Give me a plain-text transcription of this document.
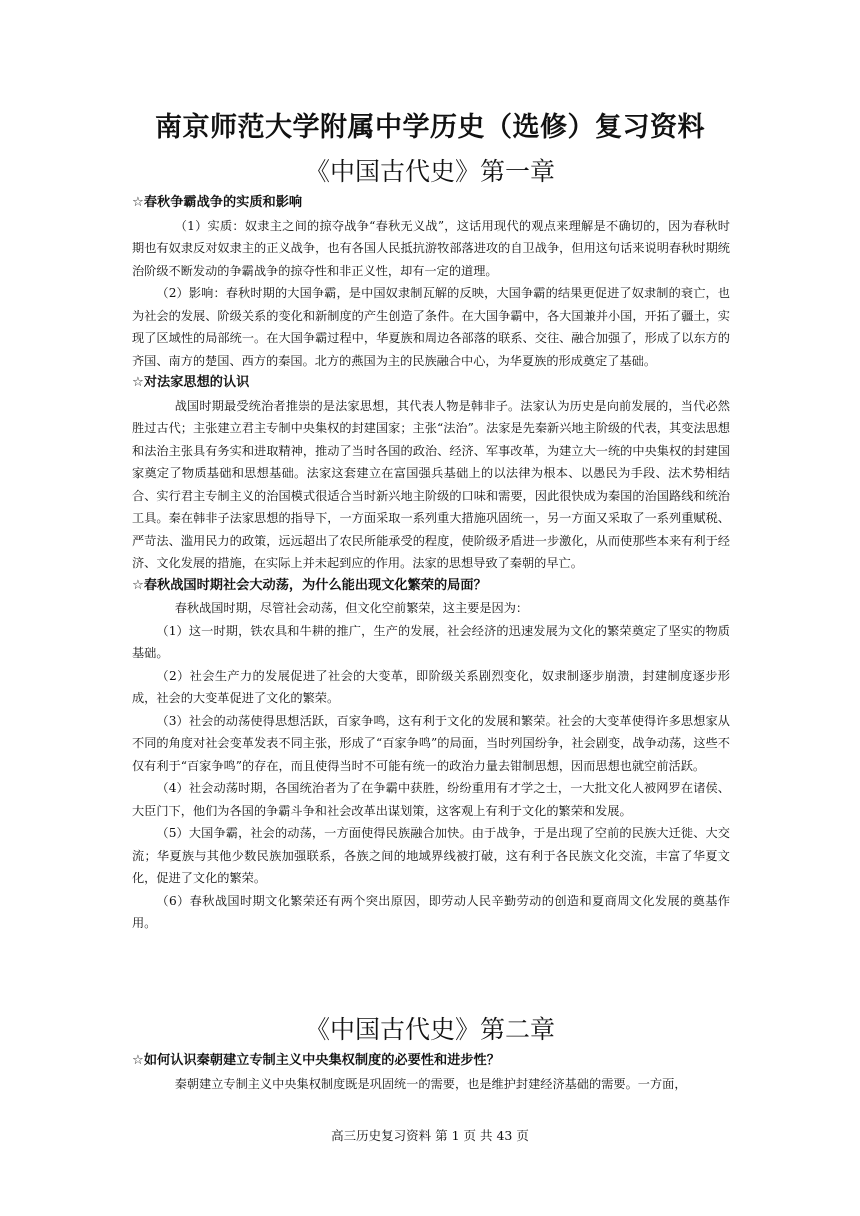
南京师范大学附属中学历史（选修）复习资料
《中国古代史》第一章

☆春秋争霸战争的实质和影响

（1）实质：奴隶主之间的掠夺战争“春秋无义战”，这话用现代的观点来理解是不确切的，因为春秋时期也有奴隶反对奴隶主的正义战争，也有各国人民抵抗游牧部落进攻的自卫战争，但用这句话来说明春秋时期统治阶级不断发动的争霸战争的掠夺性和非正义性，却有一定的道理。

（2）影响：春秋时期的大国争霸，是中国奴隶制瓦解的反映，大国争霸的结果更促进了奴隶制的衰亡，也为社会的发展、阶级关系的变化和新制度的产生创造了条件。在大国争霸中，各大国兼并小国，开拓了疆土，实现了区域性的局部统一。在大国争霸过程中，华夏族和周边各部落的联系、交往、融合加强了，形成了以东方的齐国、南方的楚国、西方的秦国。北方的燕国为主的民族融合中心，为华夏族的形成奠定了基础。

☆对法家思想的认识

战国时期最受统治者推崇的是法家思想，其代表人物是韩非子。法家认为历史是向前发展的，当代必然胜过古代；主张建立君主专制中央集权的封建国家；主张“法治”。法家是先秦新兴地主阶级的代表，其变法思想和法治主张具有务实和进取精神，推动了当时各国的政治、经济、军事改革，为建立大一统的中央集权的封建国家奠定了物质基础和思想基础。法家这套建立在富国强兵基础上的以法律为根本、以愚民为手段、法术势相结合、实行君主专制主义的治国模式很适合当时新兴地主阶级的口味和需要，因此很快成为秦国的治国路线和统治工具。秦在韩非子法家思想的指导下，一方面采取一系列重大措施巩固统一，另一方面又采取了一系列重赋税、严苛法、滥用民力的政策，远远超出了农民所能承受的程度，使阶级矛盾进一步激化，从而使那些本来有利于经济、文化发展的措施，在实际上并未起到应的作用。法家的思想导致了秦朝的早亡。

☆春秋战国时期社会大动荡，为什么能出现文化繁荣的局面？

春秋战国时期，尽管社会动荡，但文化空前繁荣，这主要是因为：

（1）这一时期，铁农具和牛耕的推广，生产的发展，社会经济的迅速发展为文化的繁荣奠定了坚实的物质基础。

（2）社会生产力的发展促进了社会的大变革，即阶级关系剧烈变化，奴隶制逐步崩溃，封建制度逐步形成，社会的大变革促进了文化的繁荣。

（3）社会的动荡使得思想活跃，百家争鸣，这有利于文化的发展和繁荣。社会的大变革使得许多思想家从不同的角度对社会变革发表不同主张，形成了“百家争鸣”的局面，当时列国纷争，社会剧变，战争动荡，这些不仅有利于“百家争鸣”的存在，而且使得当时不可能有统一的政治力量去钳制思想，因而思想也就空前活跃。

（4）社会动荡时期，各国统治者为了在争霸中获胜，纷纷重用有才学之士，一大批文化人被网罗在诸侯、大臣门下，他们为各国的争霸斗争和社会改革出谋划策，这客观上有利于文化的繁荣和发展。

（5）大国争霸，社会的动荡，一方面使得民族融合加快。由于战争，于是出现了空前的民族大迁徙、大交流；华夏族与其他少数民族加强联系，各族之间的地域界线被打破，这有利于各民族文化交流，丰富了华夏文化，促进了文化的繁荣。

（6）春秋战国时期文化繁荣还有两个突出原因，即劳动人民辛勤劳动的创造和夏商周文化发展的奠基作用。

《中国古代史》第二章

☆如何认识秦朝建立专制主义中央集权制度的必要性和进步性？

秦朝建立专制主义中央集权制度既是巩固统一的需要，也是维护封建经济基础的需要。一方面，

高三历史复习资料 第 1 页 共 43 页
